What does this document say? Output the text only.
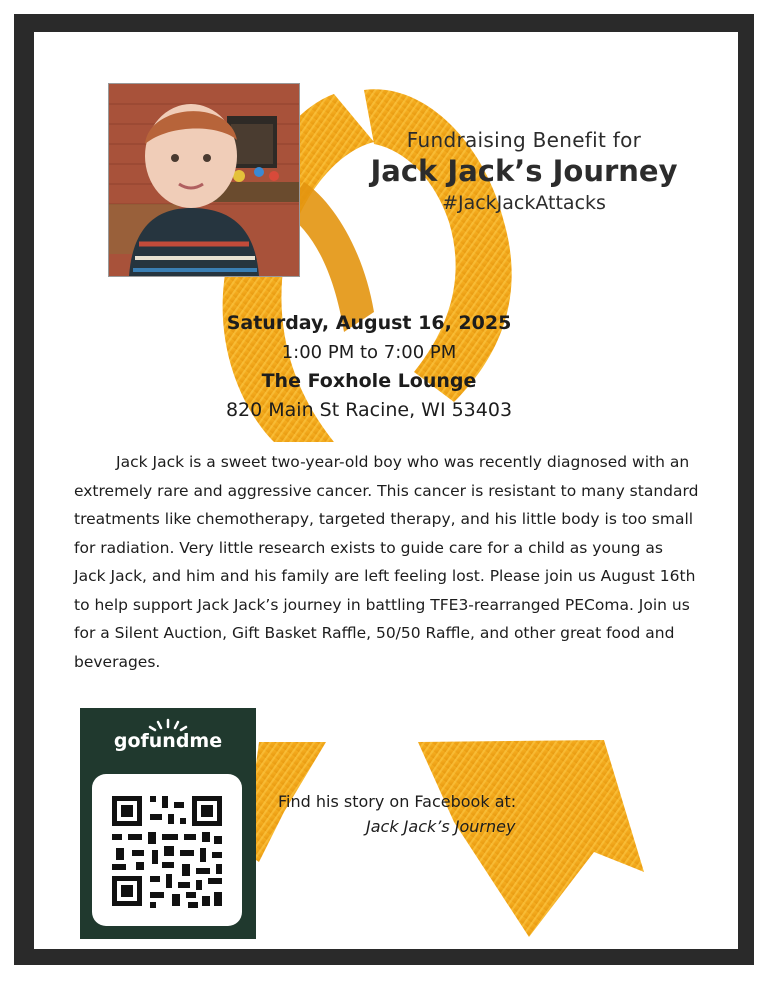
Fundraising Benefit for
Jack Jack’s Journey
#JackJackAttacks
Saturday, August 16, 2025
1:00 PM to 7:00 PM
The Foxhole Lounge
820 Main St Racine, WI 53403

Jack Jack is a sweet two-year-old boy who was recently diagnosed with an extremely rare and aggressive cancer. This cancer is resistant to many standard treatments like chemotherapy, targeted therapy, and his little body is too small for radiation. Very little research exists to guide care for a child as young as Jack Jack, and him and his family are left feeling lost. Please join us August 16th to help support Jack Jack’s journey in battling TFE3-rearranged PEComa. Join us for a Silent Auction, Gift Basket Raffle, 50/50 Raffle, and other great food and beverages.

gofundme
Find his story on Facebook at:
Jack Jack’s Journey
